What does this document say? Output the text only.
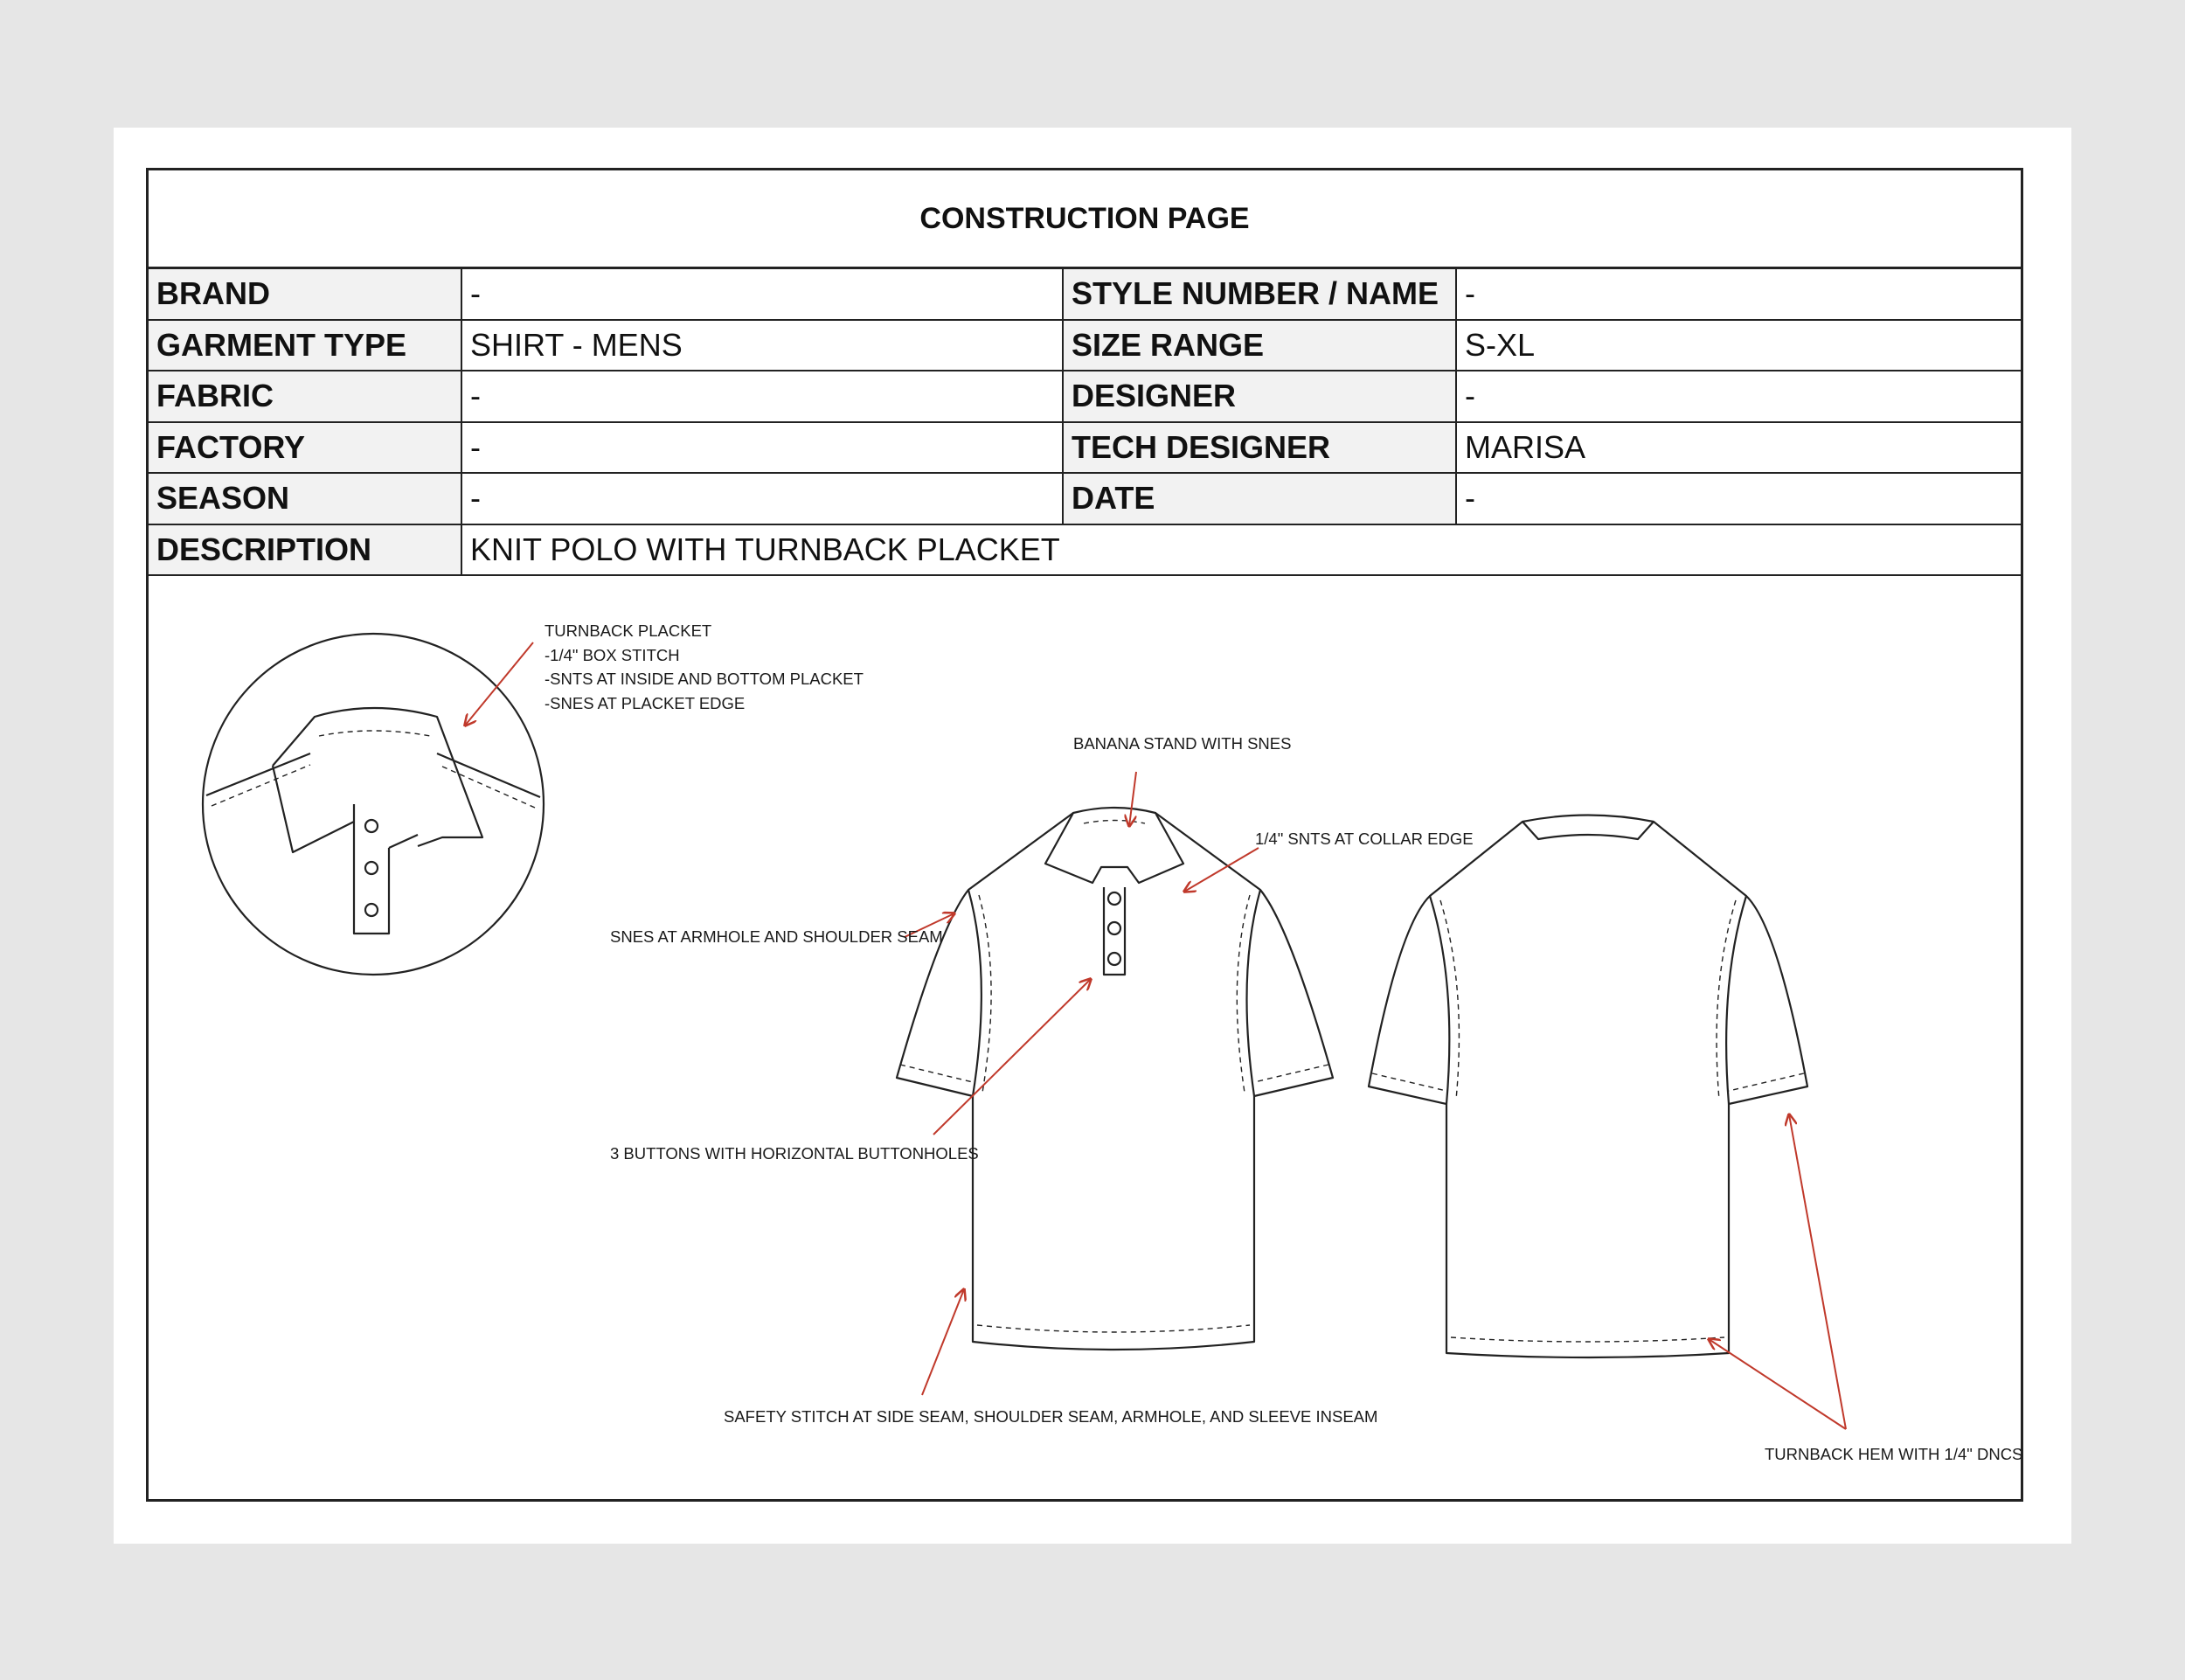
CONSTRUCTION PAGE
BRAND	-	STYLE NUMBER / NAME	-
GARMENT TYPE	SHIRT - MENS	SIZE RANGE	S-XL
FABRIC	-	DESIGNER	-
FACTORY	-	TECH DESIGNER	MARISA
SEASON	-	DATE	-
DESCRIPTION	KNIT POLO WITH TURNBACK PLACKET		
TURNBACK PLACKET
-1/4" BOX STITCH
-SNTS AT INSIDE AND BOTTOM PLACKET
-SNES AT PLACKET EDGE
BANANA STAND WITH SNES
1/4" SNTS AT COLLAR EDGE
SNES AT ARMHOLE AND SHOULDER SEAM
3 BUTTONS WITH HORIZONTAL BUTTONHOLES
SAFETY STITCH AT SIDE SEAM, SHOULDER SEAM, ARMHOLE, AND SLEEVE INSEAM
TURNBACK HEM WITH 1/4" DNCS
